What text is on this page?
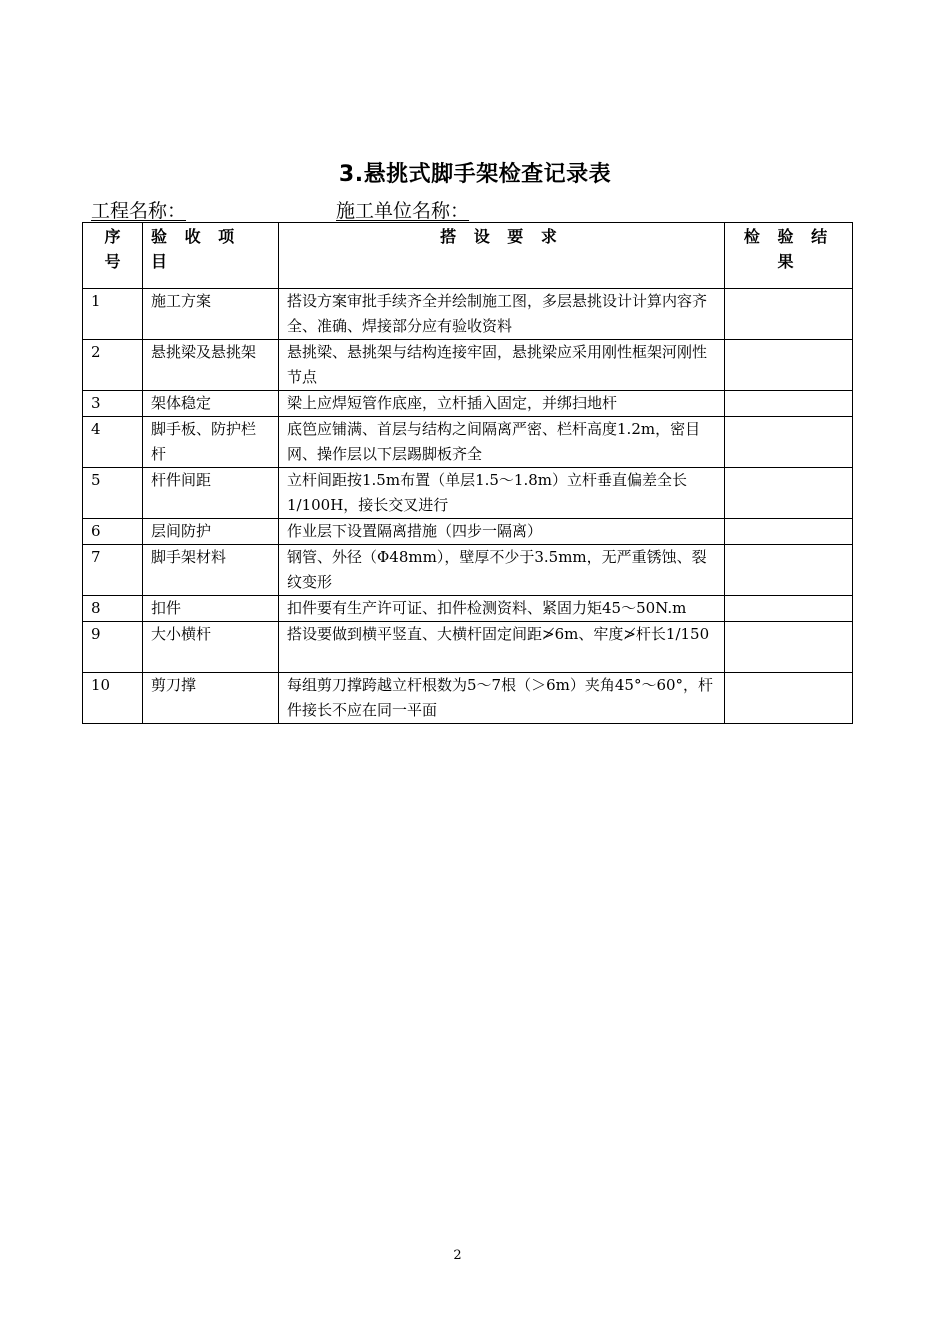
3.悬挑式脚手架检查记录表
工程名称：	施工单位名称：
序
号	验 收 项 目	搭 设 要 求	检 验 结 果
1	施工方案	搭设方案审批手续齐全并绘制施工图，多层悬挑设计计算内容齐全、准确、焊接部分应有验收资料	
2	悬挑梁及悬挑架	悬挑梁、悬挑架与结构连接牢固，悬挑梁应采用刚性框架河刚性节点	
3	架体稳定	梁上应焊短管作底座，立杆插入固定，并绑扫地杆	
4	脚手板、防护栏杆	底笆应铺满、首层与结构之间隔离严密、栏杆高度1.2m，密目网、操作层以下层踢脚板齐全	
5	杆件间距	立杆间距按1.5m布置（单层1.5～1.8m）立杆垂直偏差全长1/100H，接长交叉进行	
6	层间防护	作业层下设置隔离措施（四步一隔离）	
7	脚手架材料	钢管、外径（Φ48mm），壁厚不少于3.5mm，无严重锈蚀、裂纹变形	
8	扣件	扣件要有生产许可证、扣件检测资料、紧固力矩45～50N.m	
9	大小横杆	搭设要做到横平竖直、大横杆固定间距≯6m、牢度≯杆长1/150	
10	剪刀撑	每组剪刀撑跨越立杆根数为5～7根（＞6m）夹角45°～60°，杆件接长不应在同一平面	
2
